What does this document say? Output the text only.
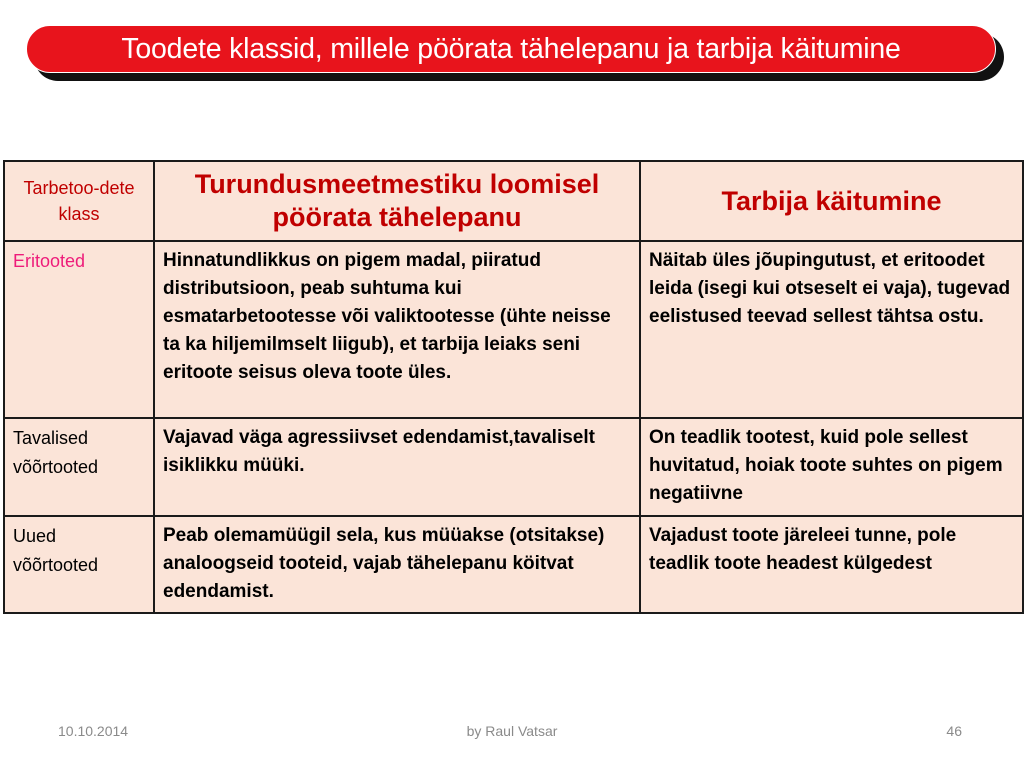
Toodete klassid, millele pöörata tähelepanu ja tarbija käitumine
Tarbetoo-dete klass	Turundusmeetmestiku loomisel pöörata tähelepanu	Tarbija käitumine
Eritooted	Hinnatundlikkus on pigem madal, piiratud distributsioon, peab suhtuma kui esmatarbetootesse või valiktootesse (ühte neisse ta ka hiljemilmselt liigub), et tarbija leiaks seni eritoote seisus oleva toote üles.	Näitab üles jõupingutust, et eritoodet leida (isegi kui otseselt ei vaja), tugevad eelistused teevad sellest tähtsa ostu.
Tavalised võõrtooted	Vajavad väga agressiivset edendamist,tavaliselt isiklikku müüki.	On teadlik tootest, kuid pole sellest huvitatud, hoiak toote suhtes on pigem negatiivne
Uued võõrtooted	Peab olemamüügil sela, kus müüakse (otsitakse) analoogseid tooteid, vajab tähelepanu köitvat edendamist.	Vajadust toote järeleei tunne, pole teadlik toote headest külgedest
by Raul Vatsar
10.10.2014	46
